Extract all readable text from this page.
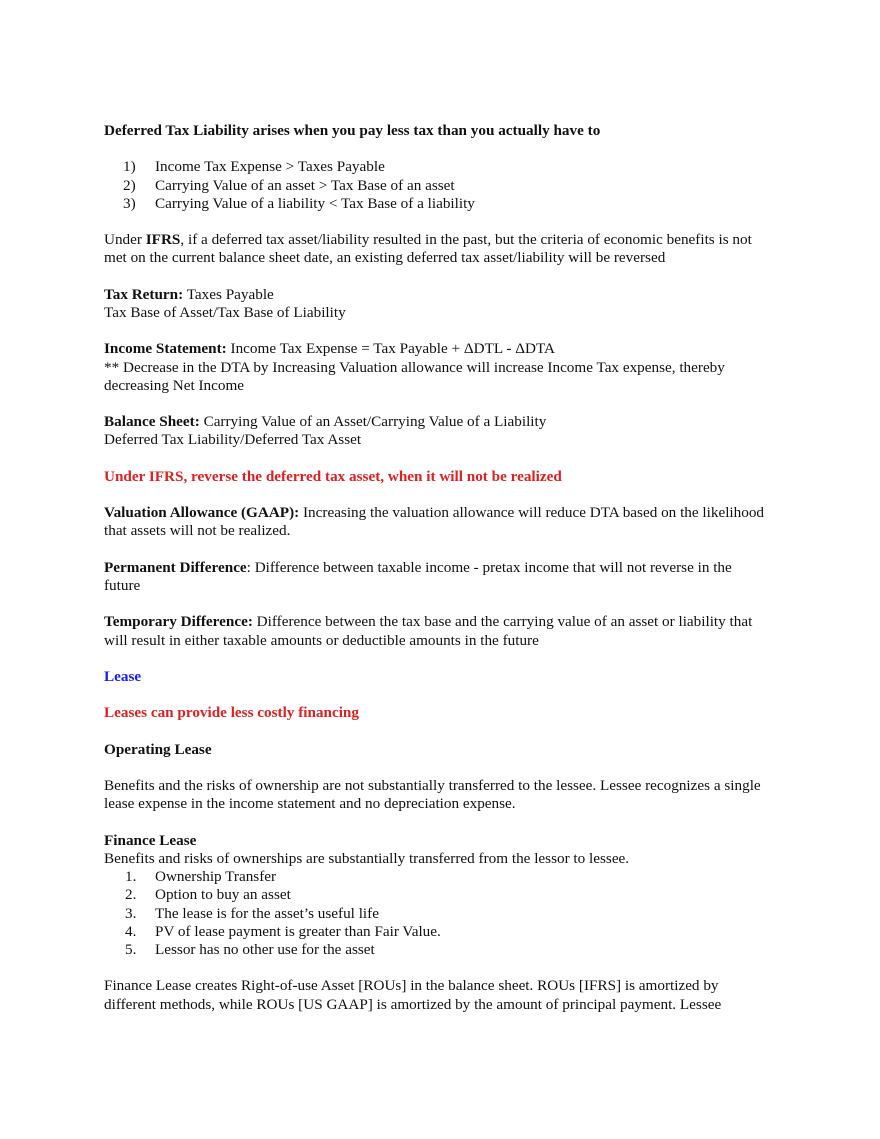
Deferred Tax Liability arises when you pay less tax than you actually have to

1) Income Tax Expense > Taxes Payable
2) Carrying Value of an asset > Tax Base of an asset
3) Carrying Value of a liability < Tax Base of a liability

Under IFRS, if a deferred tax asset/liability resulted in the past, but the criteria of economic benefits is not met on the current balance sheet date, an existing deferred tax asset/liability will be reversed

Tax Return: Taxes Payable
Tax Base of Asset/Tax Base of Liability

Income Statement: Income Tax Expense = Tax Payable + ΔDTL - ΔDTA
** Decrease in the DTA by Increasing Valuation allowance will increase Income Tax expense, thereby decreasing Net Income

Balance Sheet: Carrying Value of an Asset/Carrying Value of a Liability
Deferred Tax Liability/Deferred Tax Asset

Under IFRS, reverse the deferred tax asset, when it will not be realized

Valuation Allowance (GAAP): Increasing the valuation allowance will reduce DTA based on the likelihood that assets will not be realized.

Permanent Difference: Difference between taxable income - pretax income that will not reverse in the future

Temporary Difference: Difference between the tax base and the carrying value of an asset or liability that will result in either taxable amounts or deductible amounts in the future

Lease

Leases can provide less costly financing

Operating Lease

Benefits and the risks of ownership are not substantially transferred to the lessee. Lessee recognizes a single lease expense in the income statement and no depreciation expense.

Finance Lease
Benefits and risks of ownerships are substantially transferred from the lessor to lessee.

1. Ownership Transfer
2. Option to buy an asset
3. The lease is for the asset’s useful life
4. PV of lease payment is greater than Fair Value.
5. Lessor has no other use for the asset

Finance Lease creates Right-of-use Asset [ROUs] in the balance sheet. ROUs [IFRS] is amortized by different methods, while ROUs [US GAAP] is amortized by the amount of principal payment. Lessee
